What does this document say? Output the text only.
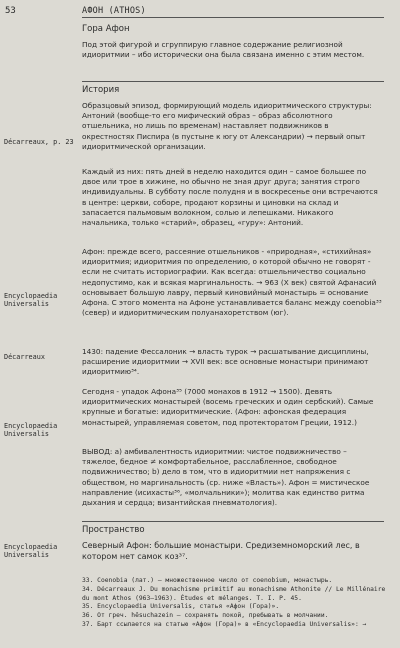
53	АФОН (ATHOS)
Гора Афон
Под этой фигурой и сгруппирую главное содержание религиозной идиоритмии – ибо исторически она была связана именно с этим местом.
История
Образцовый эпизод, формирующий модель идиоритмического структуры: Антоний (вообще-то его мифический образ – образ абсолютного отшельника, но лишь по временам) наставляет подвижников в окрестностях Писпира (в пустыне к югу от Александрии) → первый опыт идиоритмической организации.
Каждый из них: пять дней в неделю находится один – самое большее по двое или трое в хижине, но обычно не зная друг друга; занятия строго индивидуальны. В субботу после полудня и в воскресенье они встречаются в центре: церкви, соборе, продают корзины и циновки на склад и запасается пальмовым волокном, солью и лепешками. Никакого начальника, только «старий», образец, «гуру»: Антоний.
Афон: прежде всего, рассеяние отшельников - «природная», «стихийная» идиоритмия; идиоритмия по определению, о которой обычно не говорят - если не считать историографии. Как всегда: отшельничество социально недопустимо, как и всякая маргинальность. → 963 (X век) святой Афанасий основывает большую лавру, первый киновийный монастырь = основание Афона. С этого момента на Афоне устанавливается баланс между coenobia³³ (север) и идиоритмическим полуанахоретством (юг).
1430: падение Фессалоник → власть турок → расшатывание дисциплины, расширение идиоритмии → XVII век: все основные монастыри принимают идиоритмию³⁴.
Сегодня - упадок Афона³⁵ (7000 монахов в 1912 → 1500). Девять идиоритмических монастырей (восемь греческих и один сербский). Самые крупные и богатые: идиоритмические. (Афон: афонская федерация монастырей, управляемая советом, под протекторатом Греции, 1912.)
ВЫВОД: а) амбивалентность идиоритмии: чистое подвижничество – тяжелое, бедное ≠ комфортабельное, расслабленное, свободное подвижничество; b) дело в том, что в идиоритмии нет напряжения с обществом, но маргинальность (ср. ниже «Власть»). Афон = мистическое направление (исихасты³⁶, «молчальники»); молитва как единство ритма дыхания и сердца; византийская пневматология).
Пространство
Северный Афон: большие монастыри. Средиземноморский лес, в котором нет самок коз³⁷.
Décarreaux, p. 23
Encyclopaedia Universalis
Décarreaux
Encyclopaedia Universalis
Encyclopaedia Universalis
33. Coenobia (лат.) – множественное число от coenobium, монастырь.
34. Décarreaux J. Du monachisme primitif au monachisme Athonite // Le Millénaire du mont Athos (963–1963). Études et mélanges. T. I. P. 45.
35. Encyclopaedia Universalis, статья «Афон (Гора)».
36. От греч. hēsuchazein – сохранять покой, пребывать в молчании.
37. Барт ссылается на статью «Афон (Гора)» в «Encyclopaedia Universalis»: →
